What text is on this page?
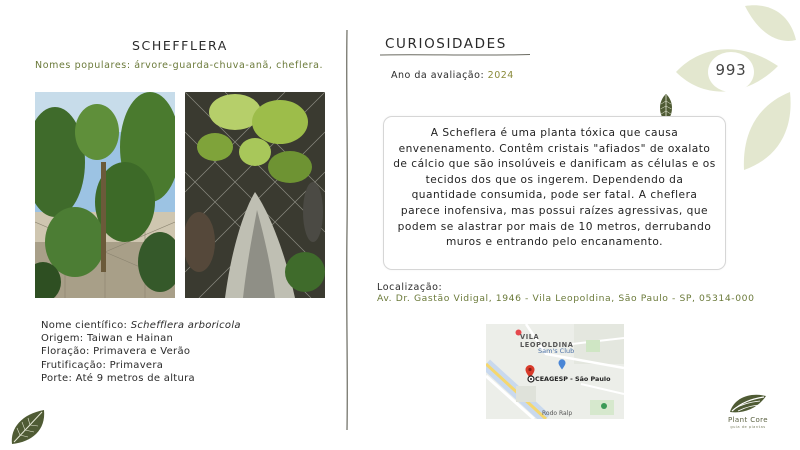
993
SCHEFFLERA
Nomes populares: árvore-guarda-chuva-anã, cheflera.
Nome científico: Schefflera arboricola
Origem: Taiwan e Hainan
Floração: Primavera e Verão
Frutificação: Primavera
Porte: Até 9 metros de altura
CURIOSIDADES
Ano da avaliação: 2024
A Scheflera é uma planta tóxica que causa envenenamento. Contêm cristais "afiados" de oxalato de cálcio que são insolúveis e danificam as células e os tecidos dos que os ingerem. Dependendo da quantidade consumida, pode ser fatal. A cheflera parece inofensiva, mas possui raízes agressivas, que podem se alastrar por mais de 10 metros, derrubando muros e entrando pelo encanamento.
Localização:
Av. Dr. Gastão Vidigal, 1946 - Vila Leopoldina, São Paulo - SP, 05314-000
VILA
LEOPOLDINA
Sam's Club
CEAGESP - São Paulo
Rodo Ralp
Plant Core
guia de plantas
